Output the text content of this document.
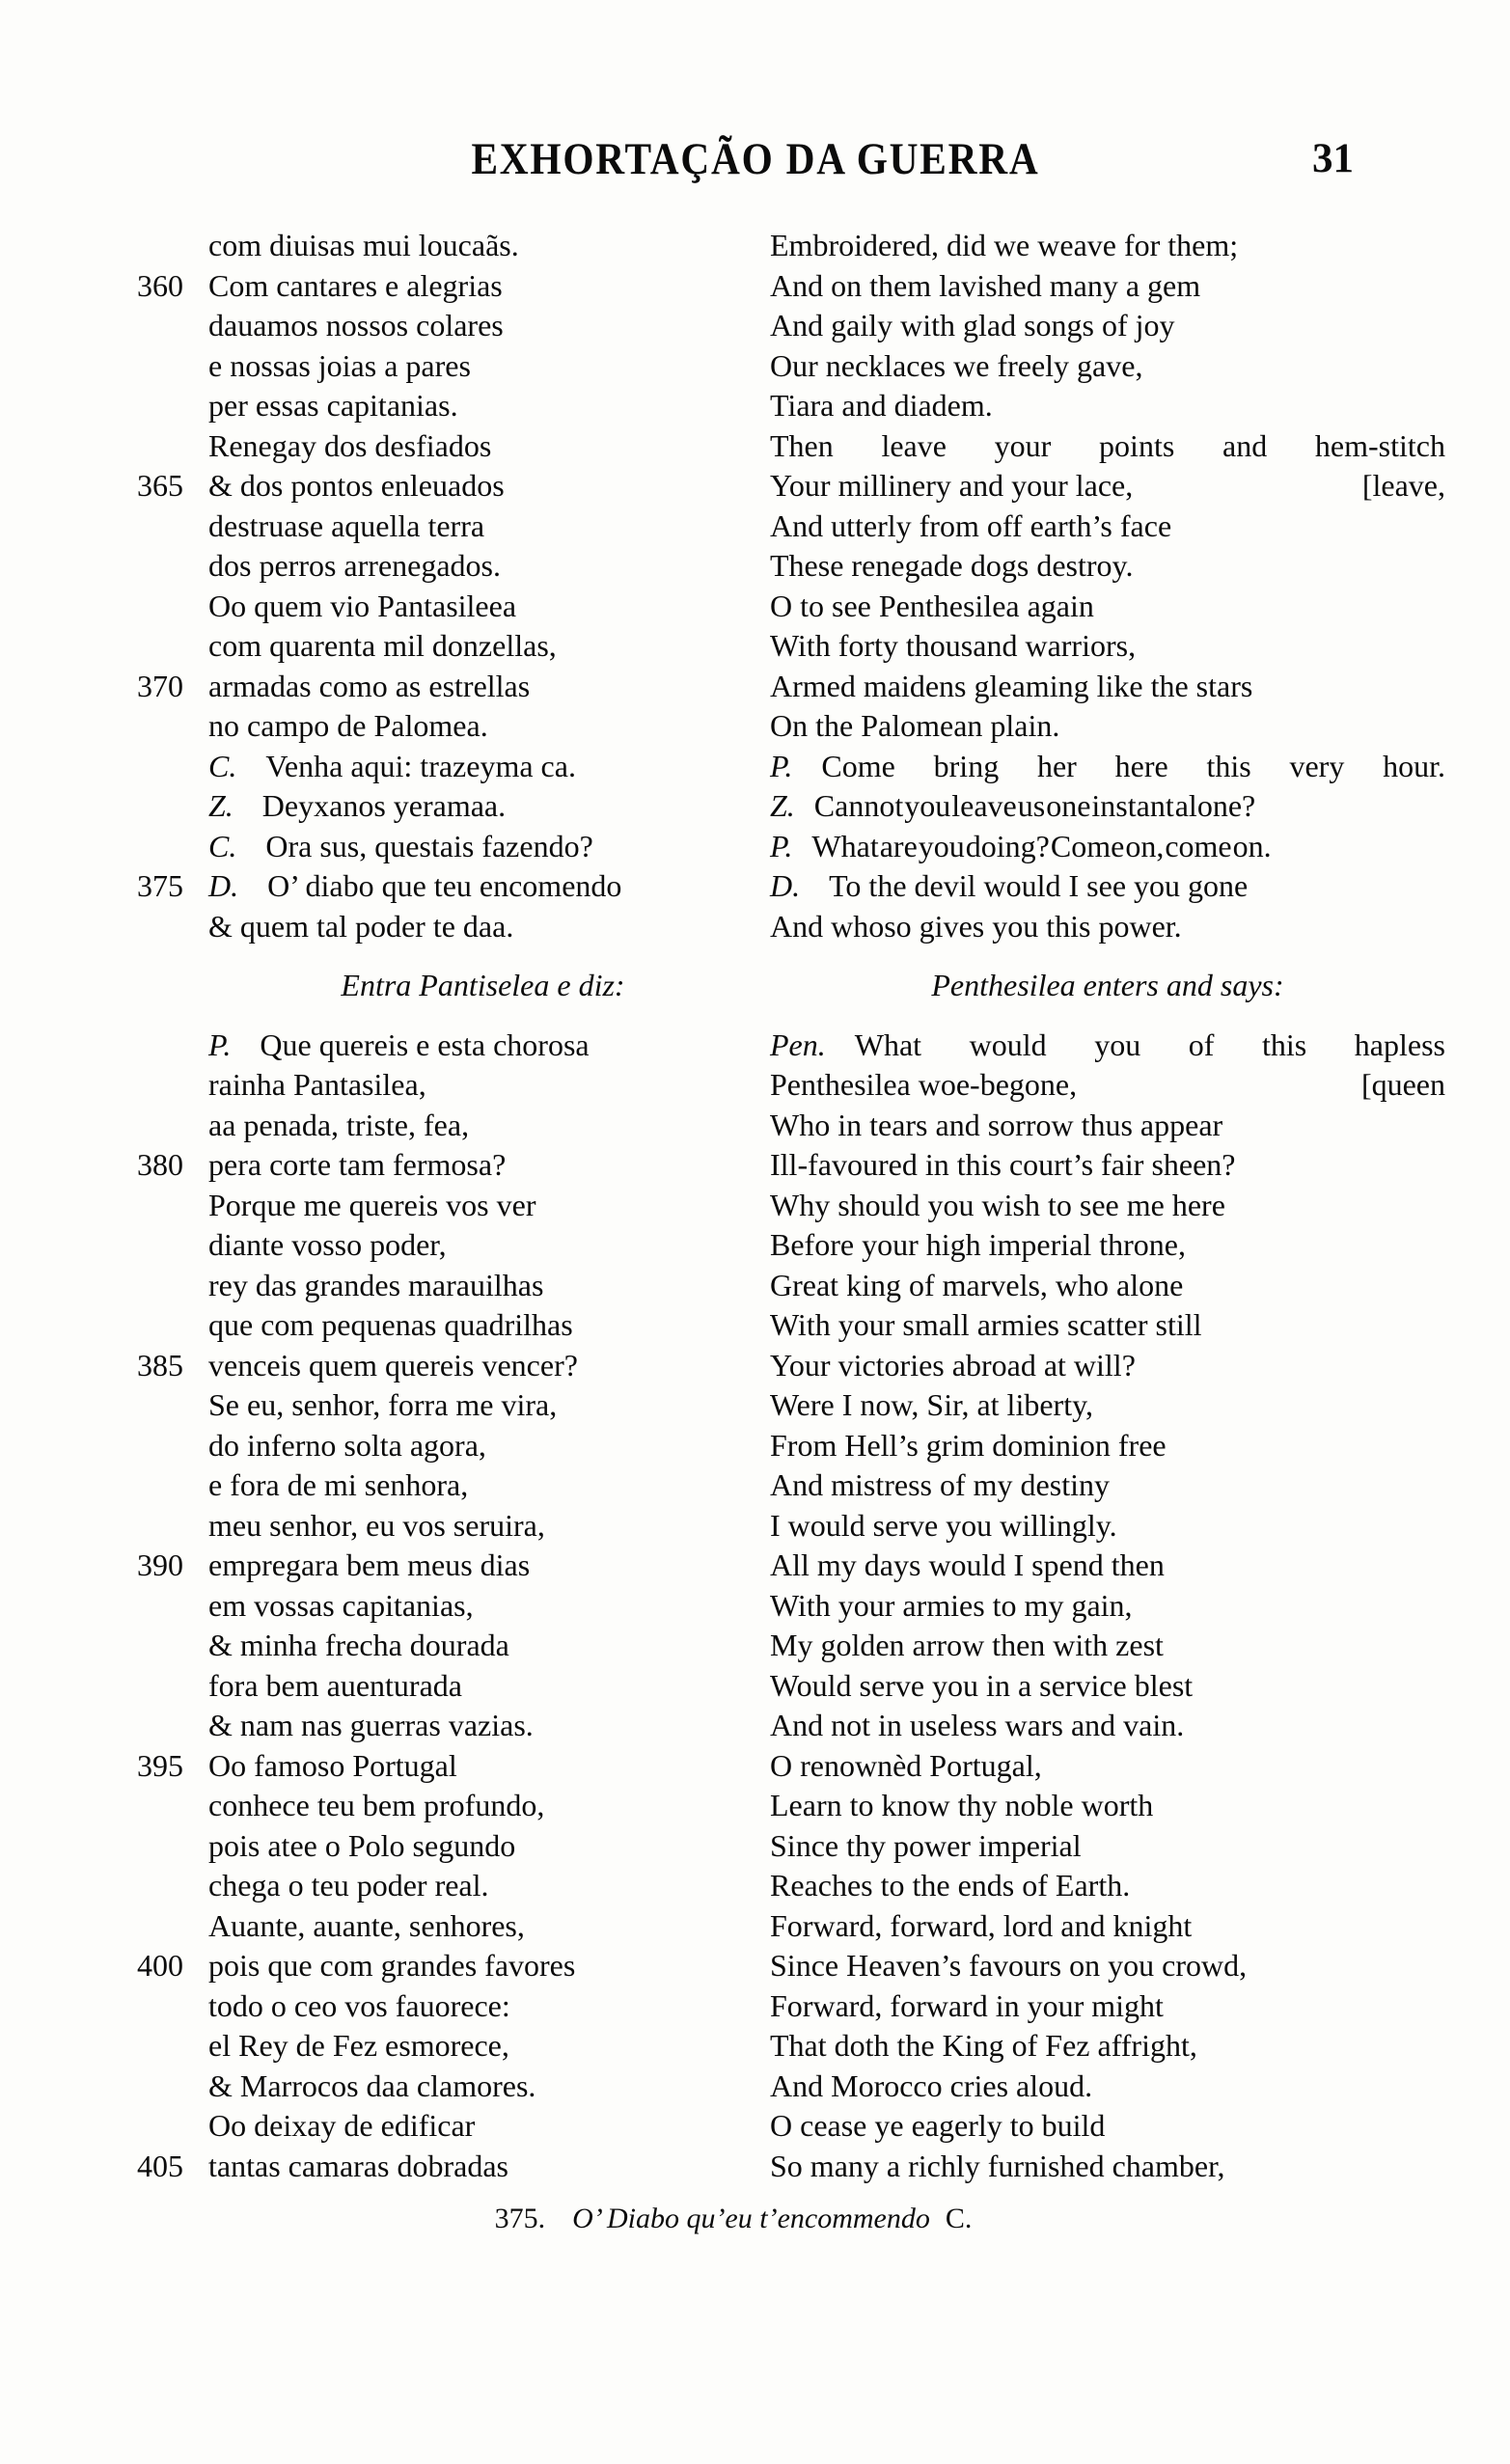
EXHORTAÇÃO DA GUERRA	31
com diuisas mui loucaãs.
360 Com cantares e alegrias
dauamos nossos colares
e nossas joias a pares
per essas capitanias.
Renegay dos desfiados
365 & dos pontos enleuados
destruase aquella terra
dos perros arrenegados.
Oo quem vio Pantasileea
com quarenta mil donzellas,
370 armadas como as estrellas
no campo de Palomea.
C. Venha aqui: trazeyma ca.
Z. Deyxanos yeramaa.
C. Ora sus, questais fazendo?
375 D. O’ diabo que teu encomendo
& quem tal poder te daa.
Entra Pantiselea e diz:
P. Que quereis e esta chorosa
rainha Pantasilea,
aa penada, triste, fea,
380 pera corte tam fermosa?
Porque me quereis vos ver
diante vosso poder,
rey das grandes marauilhas
que com pequenas quadrilhas
385 venceis quem quereis vencer?
Se eu, senhor, forra me vira,
do inferno solta agora,
e fora de mi senhora,
meu senhor, eu vos seruira,
390 empregara bem meus dias
em vossas capitanias,
& minha frecha dourada
fora bem auenturada
& nam nas guerras vazias.
395 Oo famoso Portugal
conhece teu bem profundo,
pois atee o Polo segundo
chega o teu poder real.
Auante, auante, senhores,
400 pois que com grandes favores
todo o ceo vos fauorece:
el Rey de Fez esmorece,
& Marrocos daa clamores.
Oo deixay de edificar
405 tantas camaras dobradas
Embroidered, did we weave for them;
And on them lavished many a gem
And gaily with glad songs of joy
Our necklaces we freely gave,
Tiara and diadem.
Then leave your points and hem-stitch
[leave,
Your millinery and your lace,
And utterly from off earth’s face
These renegade dogs destroy.
O to see Penthesilea again
With forty thousand warriors,
Armed maidens gleaming like the stars
On the Palomean plain.
P. Come bring her here this very hour.
Z. Cannot you leave us one instant alone?
P. What are you doing? Come on, come on.
D. To the devil would I see you gone
And whoso gives you this power.
Penthesilea enters and says:
Pen. What would you of this hapless
[queen
Penthesilea woe-begone,
Who in tears and sorrow thus appear
Ill-favoured in this court’s fair sheen?
Why should you wish to see me here
Before your high imperial throne,
Great king of marvels, who alone
With your small armies scatter still
Your victories abroad at will?
Were I now, Sir, at liberty,
From Hell’s grim dominion free
And mistress of my destiny
I would serve you willingly.
All my days would I spend then
With your armies to my gain,
My golden arrow then with zest
Would serve you in a service blest
And not in useless wars and vain.
O renownèd Portugal,
Learn to know thy noble worth
Since thy power imperial
Reaches to the ends of Earth.
Forward, forward, lord and knight
Since Heaven’s favours on you crowd,
Forward, forward in your might
That doth the King of Fez affright,
And Morocco cries aloud.
O cease ye eagerly to build
So many a richly furnished chamber,
375. O’ Diabo qu’eu t’encommendo C.
